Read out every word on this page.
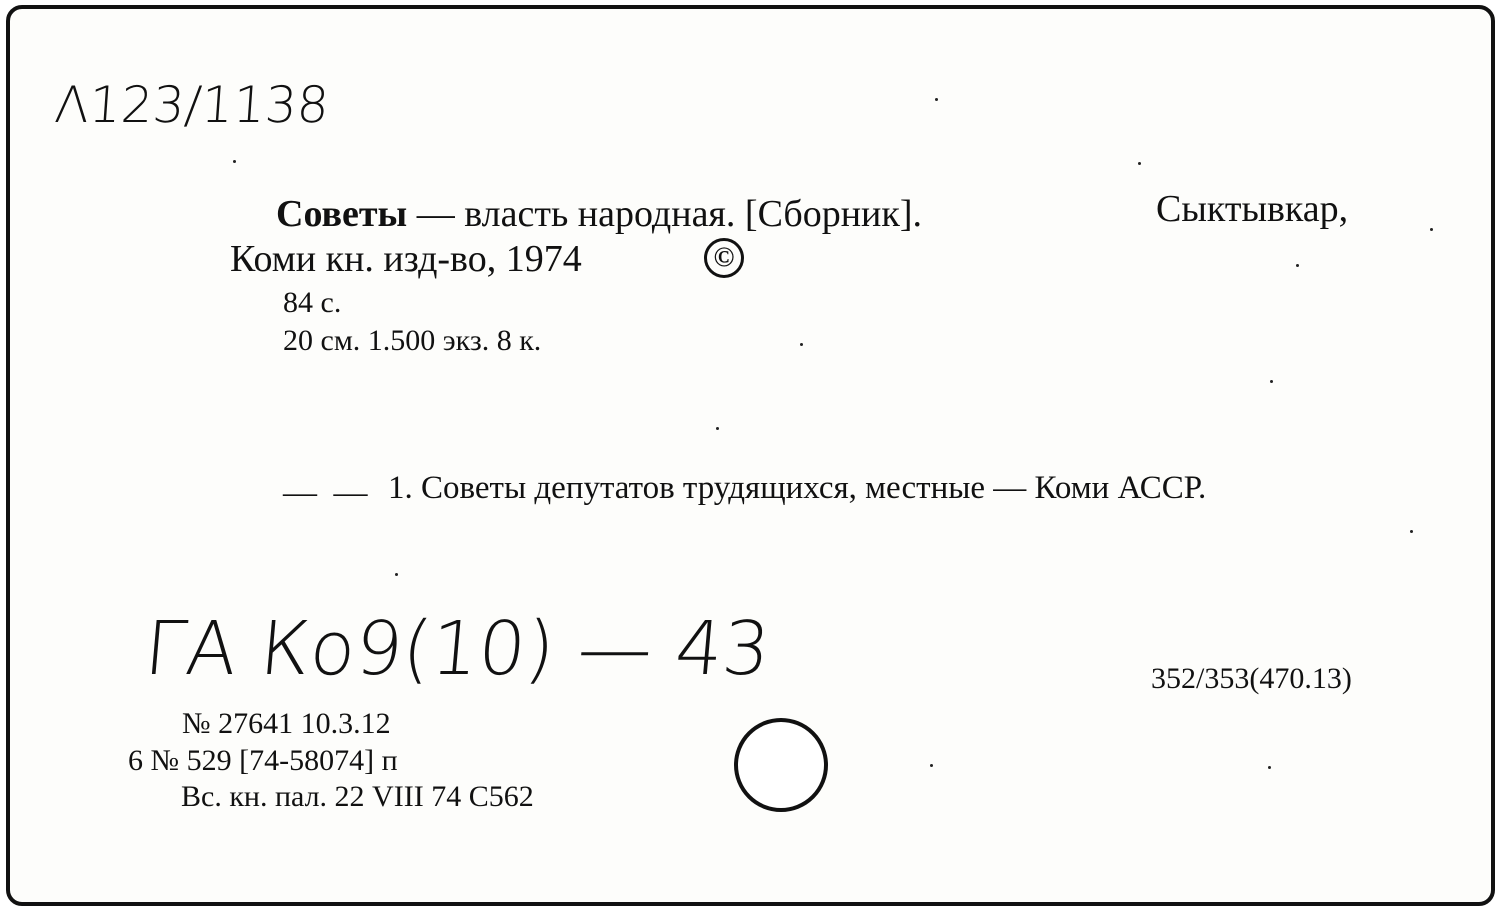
Λ123/1138
Советы — власть народная. [Сборник].	Сыктывкар,
Коми кн. изд-во, 1974	©
84 с.
20 см. 1.500 экз. 8 к.
— — 1. Советы депутатов трудящихся, местные — Коми АССР.
ГА Ко9(10) — 43	352/353(470.13)
№ 27641 10.3.12
6 № 529 [74-58074] п
Вс. кн. пал. 22 VIII 74 С562
